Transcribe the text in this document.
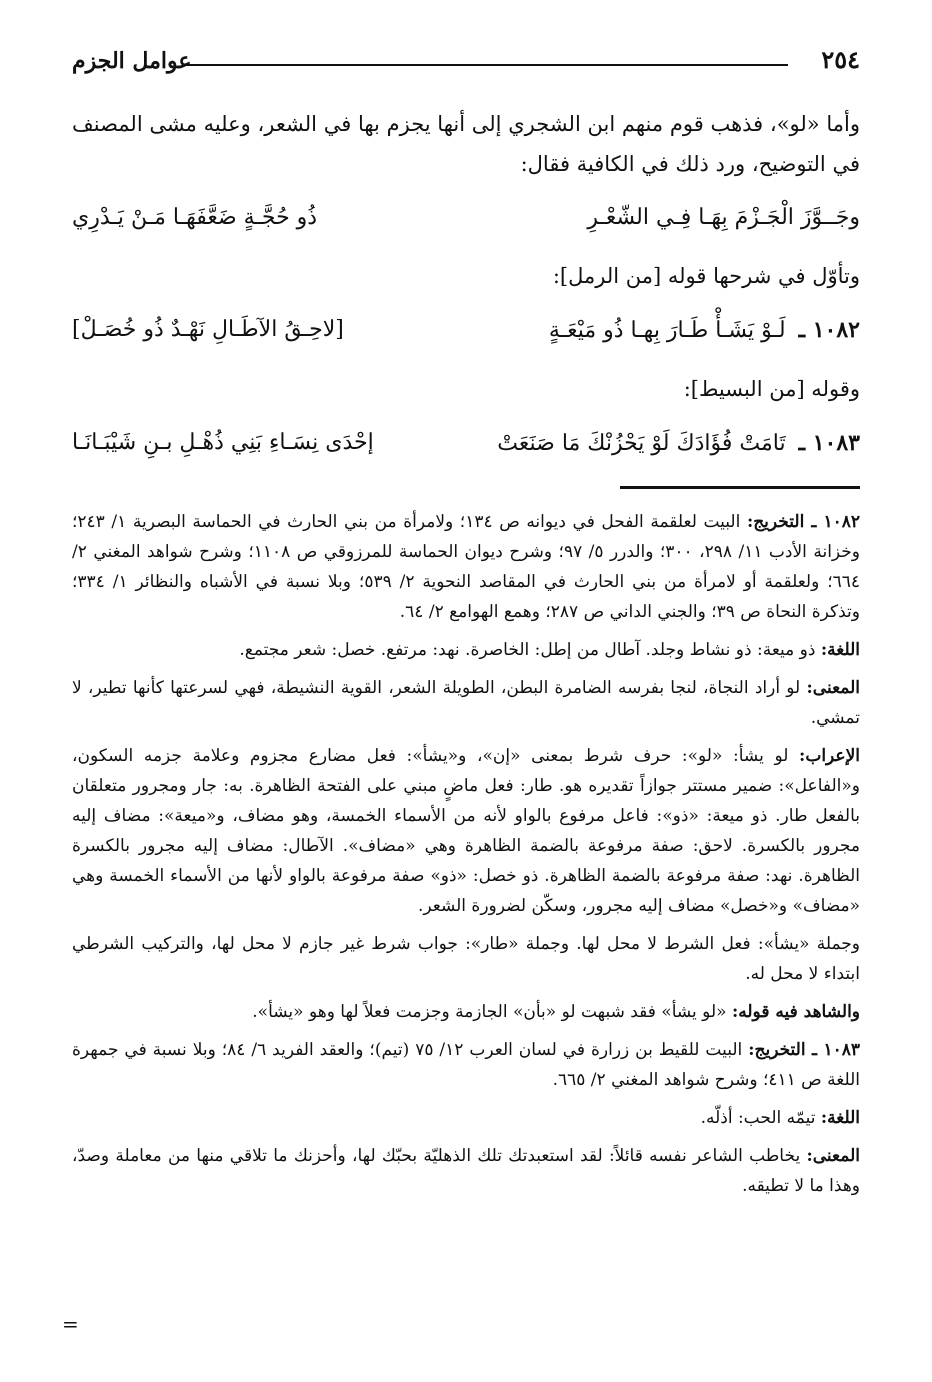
٢٥٤
عوامل الجزم

وأما «لو»، فذهب قوم منهم ابن الشجري إلى أنها يجزم بها في الشعر، وعليه مشى المصنف في التوضيح، ورد ذلك في الكافية فقال:

وجَــوَّزَ الْجَـزْمَ بِهَـا فِـي الشّعْـرِ
ذُو حُجَّـةٍ ضَعَّفَهَـا مَـنْ يَـدْرِي

وتأوّل في شرحها قوله [من الرمل]:

١٠٨٢ ـ لَـوْ يَشَـأْ طَـارَ بِهـا ذُو مَيْعَـةٍ
[لاحِـقُ الآطَـالِ نَهْـدٌ ذُو خُصَـلْ]

وقوله [من البسيط]:

١٠٨٣ ـ تَامَتْ فُؤَادَكَ لَوْ يَحْزُنْكَ مَا صَنَعَتْ
إحْدَى نِسَـاءِ بَنِي ذُهْـلِ بـنِ شَيْبَـانَـا

١٠٨٢ ـ التخريج: البيت لعلقمة الفحل في ديوانه ص ١٣٤؛ ولامرأة من بني الحارث في الحماسة البصرية ١/ ٢٤٣؛ وخزانة الأدب ١١/ ٢٩٨، ٣٠٠؛ والدرر ٥/ ٩٧؛ وشرح ديوان الحماسة للمرزوقي ص ١١٠٨؛ وشرح شواهد المغني ٢/ ٦٦٤؛ ولعلقمة أو لامرأة من بني الحارث في المقاصد النحوية ٢/ ٥٣٩؛ وبلا نسبة في الأشباه والنظائر ١/ ٣٣٤؛ وتذكرة النحاة ص ٣٩؛ والجني الداني ص ٢٨٧؛ وهمع الهوامع ٢/ ٦٤.

اللغة: ذو ميعة: ذو نشاط وجلد. آطال من إطل: الخاصرة. نهد: مرتفع. خصل: شعر مجتمع.

المعنى: لو أراد النجاة، لنجا بفرسه الضامرة البطن، الطويلة الشعر، القوية النشيطة، فهي لسرعتها كأنها تطير، لا تمشي.

الإعراب: لو يشأ: «لو»: حرف شرط بمعنى «إن»، و«يشأ»: فعل مضارع مجزوم وعلامة جزمه السكون، و«الفاعل»: ضمير مستتر جوازاً تقديره هو. طار: فعل ماضٍ مبني على الفتحة الظاهرة. به: جار ومجرور متعلقان بالفعل طار. ذو ميعة: «ذو»: فاعل مرفوع بالواو لأنه من الأسماء الخمسة، وهو مضاف، و«ميعة»: مضاف إليه مجرور بالكسرة. لاحق: صفة مرفوعة بالضمة الظاهرة وهي «مضاف». الآطال: مضاف إليه مجرور بالكسرة الظاهرة. نهد: صفة مرفوعة بالضمة الظاهرة. ذو خصل: «ذو» صفة مرفوعة بالواو لأنها من الأسماء الخمسة وهي «مضاف» و«خصل» مضاف إليه مجرور، وسكّن لضرورة الشعر.

وجملة «يشأ»: فعل الشرط لا محل لها. وجملة «طار»: جواب شرط غير جازم لا محل لها، والتركيب الشرطي ابتداء لا محل له.

والشاهد فيه قوله: «لو يشأ» فقد شبهت لو «بأن» الجازمة وجزمت فعلاً لها وهو «يشأ».

١٠٨٣ ـ التخريج: البيت للقيط بن زرارة في لسان العرب ١٢/ ٧٥ (تيم)؛ والعقد الفريد ٦/ ٨٤؛ وبلا نسبة في جمهرة اللغة ص ٤١١؛ وشرح شواهد المغني ٢/ ٦٦٥.

اللغة: تيمّه الحب: أذلّه.

المعنى: يخاطب الشاعر نفسه قائلاً: لقد استعبدتك تلك الذهليّة بحبّك لها، وأحزنك ما تلاقي منها من معاملة وصدّ، وهذا ما لا تطيقه.

=
